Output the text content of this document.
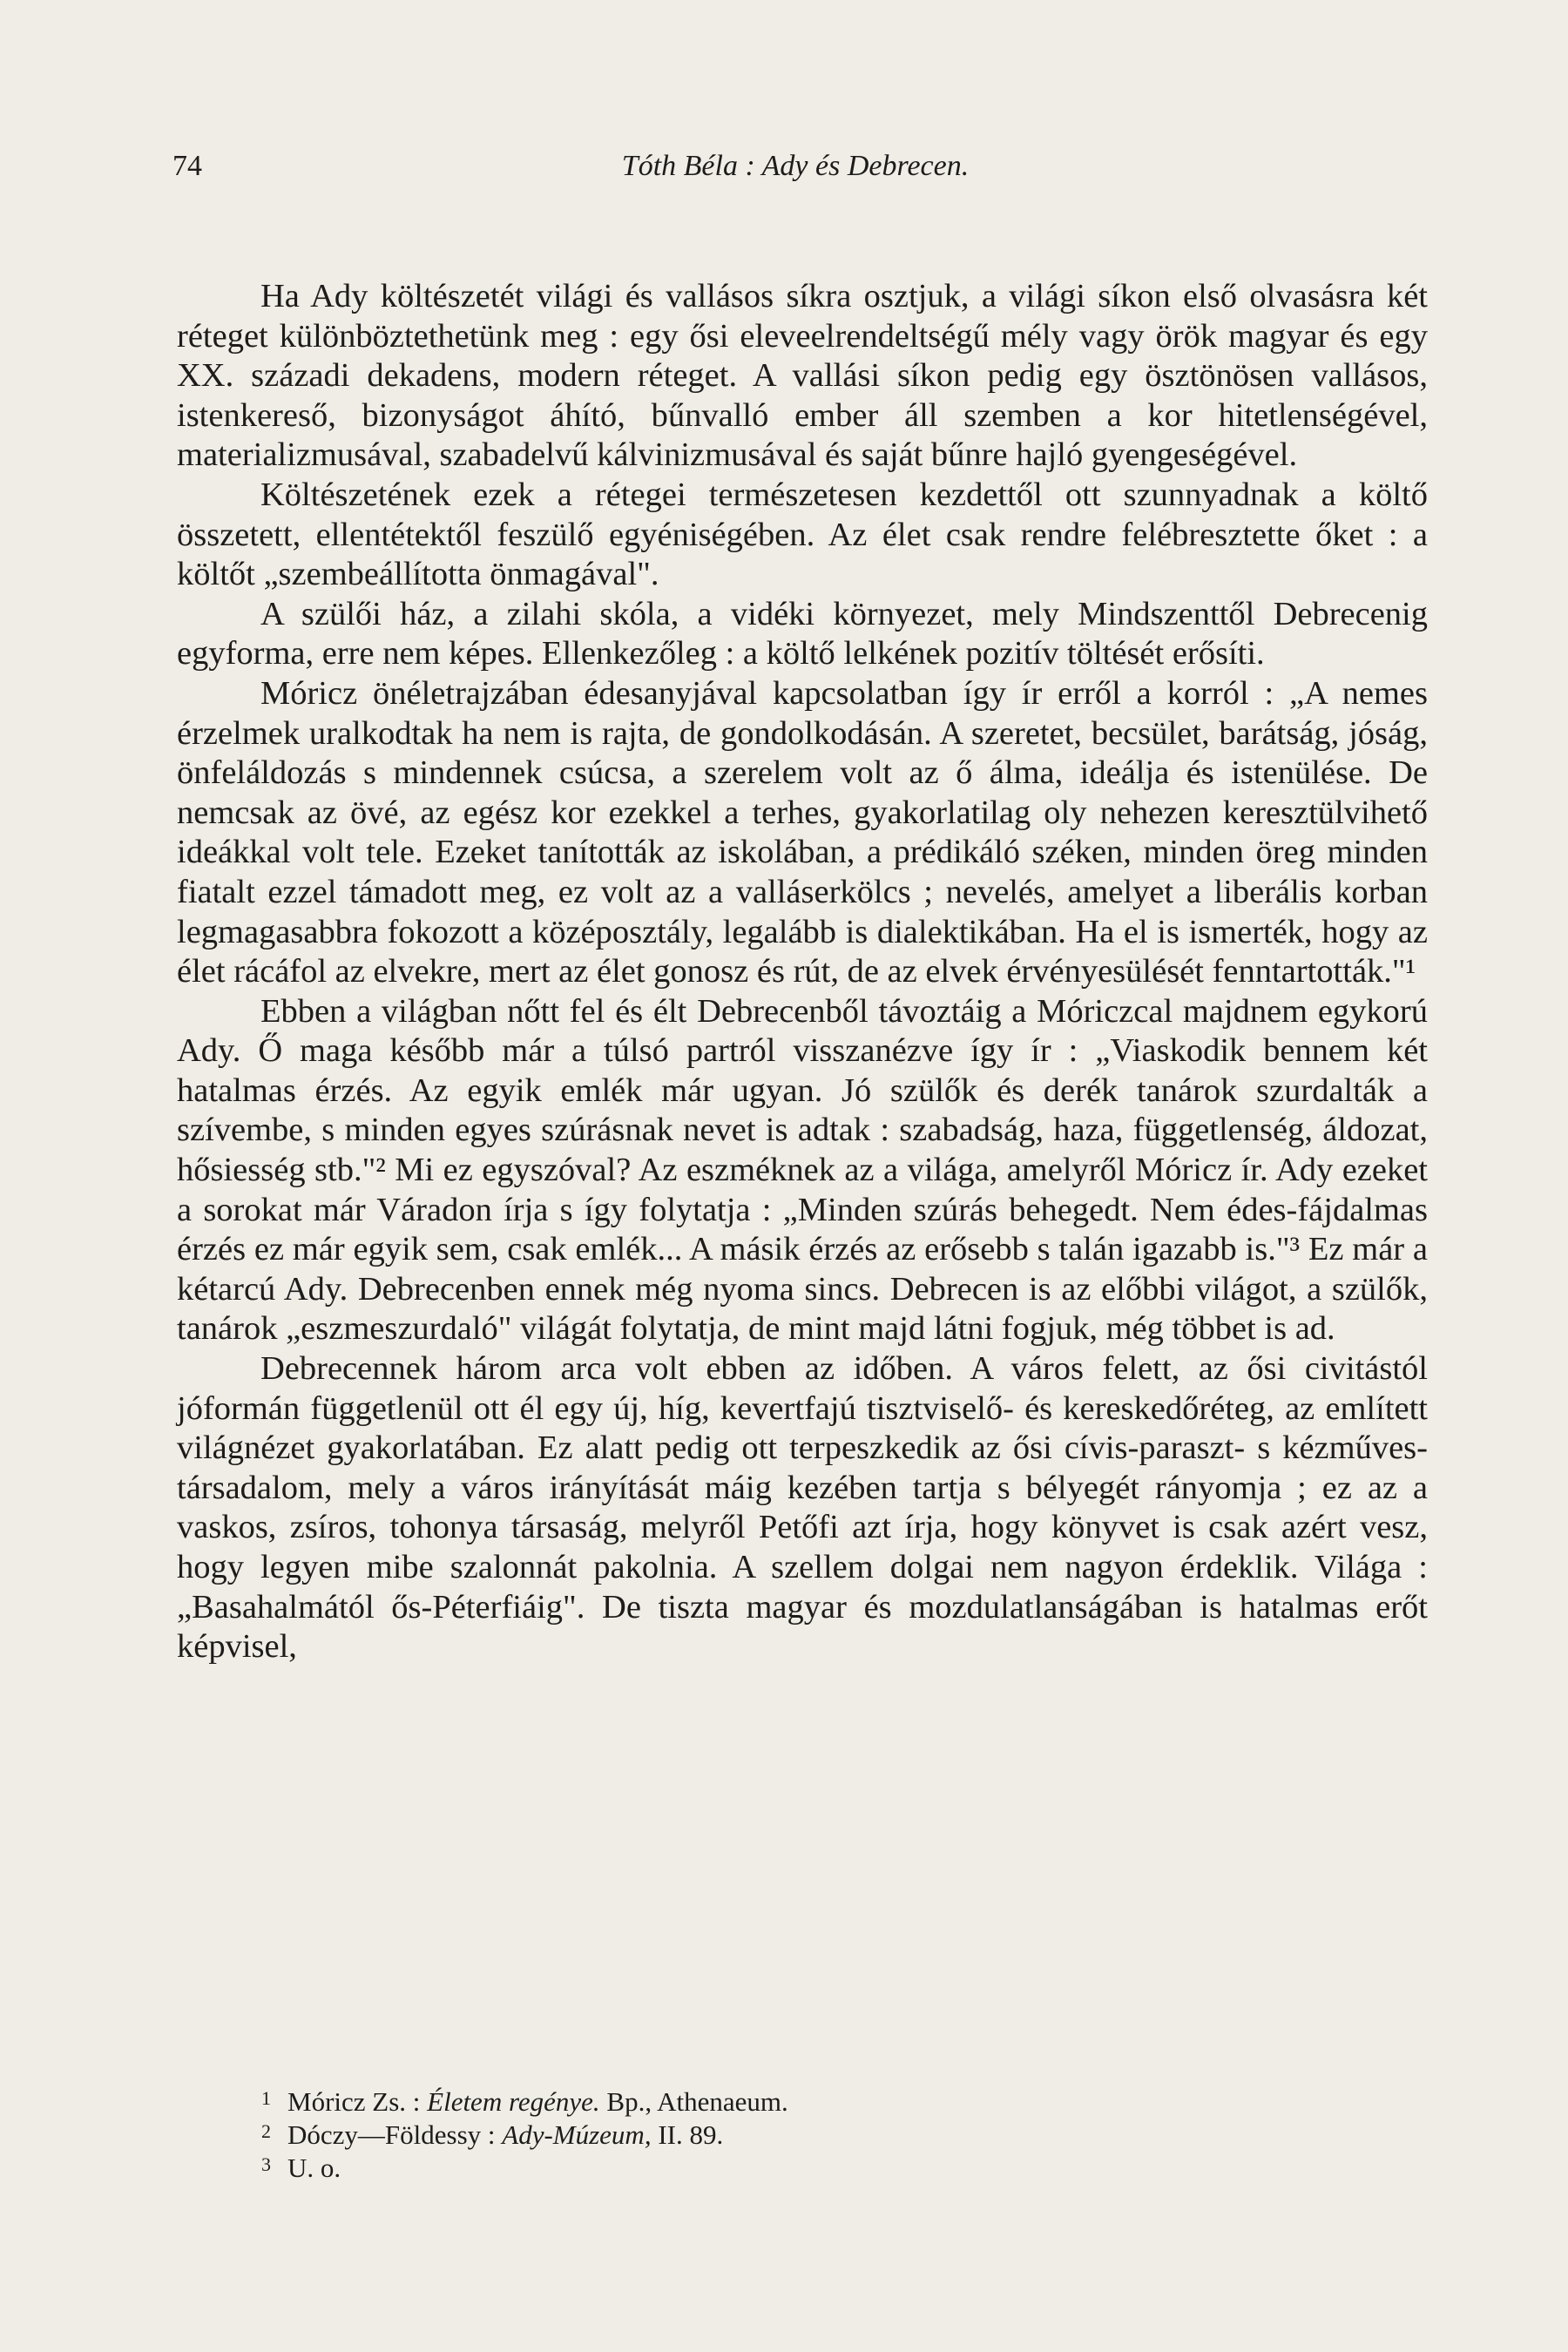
74	Tóth Béla : Ady és Debrecen.

Ha Ady költészetét világi és vallásos síkra osztjuk, a világi síkon első olvasásra két réteget különböztethetünk meg : egy ősi eleveelrendeltségű mély vagy örök magyar és egy XX. századi dekadens, modern réteget. A vallási síkon pedig egy ösztönösen vallásos, istenkereső, bizonyságot áhító, bűnvalló ember áll szemben a kor hitetlenségével, materializmusával, szabadelvű kálvinizmusával és saját bűnre hajló gyengeségével.

Költészetének ezek a rétegei természetesen kezdettől ott szunnyadnak a költő összetett, ellentétektől feszülő egyéniségében. Az élet csak rendre felébresztette őket : a költőt „szembeállította önmagával".

A szülői ház, a zilahi skóla, a vidéki környezet, mely Mindszenttől Debrecenig egyforma, erre nem képes. Ellenkezőleg : a költő lelkének pozitív töltését erősíti.

Móricz önéletrajzában édesanyjával kapcsolatban így ír erről a korról : „A nemes érzelmek uralkodtak ha nem is rajta, de gondolkodásán. A szeretet, becsület, barátság, jóság, önfeláldozás s mindennek csúcsa, a szerelem volt az ő álma, ideálja és istenülése. De nemcsak az övé, az egész kor ezekkel a terhes, gyakorlatilag oly nehezen keresztülvihető ideákkal volt tele. Ezeket tanították az iskolában, a prédikáló széken, minden öreg minden fiatalt ezzel támadott meg, ez volt az a valláserkölcs ; nevelés, amelyet a liberális korban legmagasabbra fokozott a középosztály, legalább is dialektikában. Ha el is ismerték, hogy az élet rácáfol az elvekre, mert az élet gonosz és rút, de az elvek érvényesülését fenntartották."¹

Ebben a világban nőtt fel és élt Debrecenből távoztáig a Móriczcal majdnem egykorú Ady. Ő maga később már a túlsó partról visszanézve így ír : „Viaskodik bennem két hatalmas érzés. Az egyik emlék már ugyan. Jó szülők és derék tanárok szurdalták a szívembe, s minden egyes szúrásnak nevet is adtak : szabadság, haza, függetlenség, áldozat, hősiesség stb."² Mi ez egyszóval? Az eszméknek az a világa, amelyről Móricz ír. Ady ezeket a sorokat már Váradon írja s így folytatja : „Minden szúrás behegedt. Nem édes-fájdalmas érzés ez már egyik sem, csak emlék... A másik érzés az erősebb s talán igazabb is."³ Ez már a kétarcú Ady. Debrecenben ennek még nyoma sincs. Debrecen is az előbbi világot, a szülők, tanárok „eszmeszurdaló" világát folytatja, de mint majd látni fogjuk, még többet is ad.

Debrecennek három arca volt ebben az időben. A város felett, az ősi civitástól jóformán függetlenül ott él egy új, híg, kevertfajú tisztviselő- és kereskedőréteg, az említett világnézet gyakorlatában. Ez alatt pedig ott terpeszkedik az ősi cívis-paraszt- s kézműves-társadalom, mely a város irányítását máig kezében tartja s bélyegét rányomja ; ez az a vaskos, zsíros, tohonya társaság, melyről Petőfi azt írja, hogy könyvet is csak azért vesz, hogy legyen mibe szalonnát pakolnia. A szellem dolgai nem nagyon érdeklik. Világa : „Basahalmától ős-Péterfiáig". De tiszta magyar és mozdulatlanságában is hatalmas erőt képvisel,

1 Móricz Zs. : Életem regénye. Bp., Athenaeum.

2 Dóczy—Földessy : Ady-Múzeum, II. 89.

3 U. o.
